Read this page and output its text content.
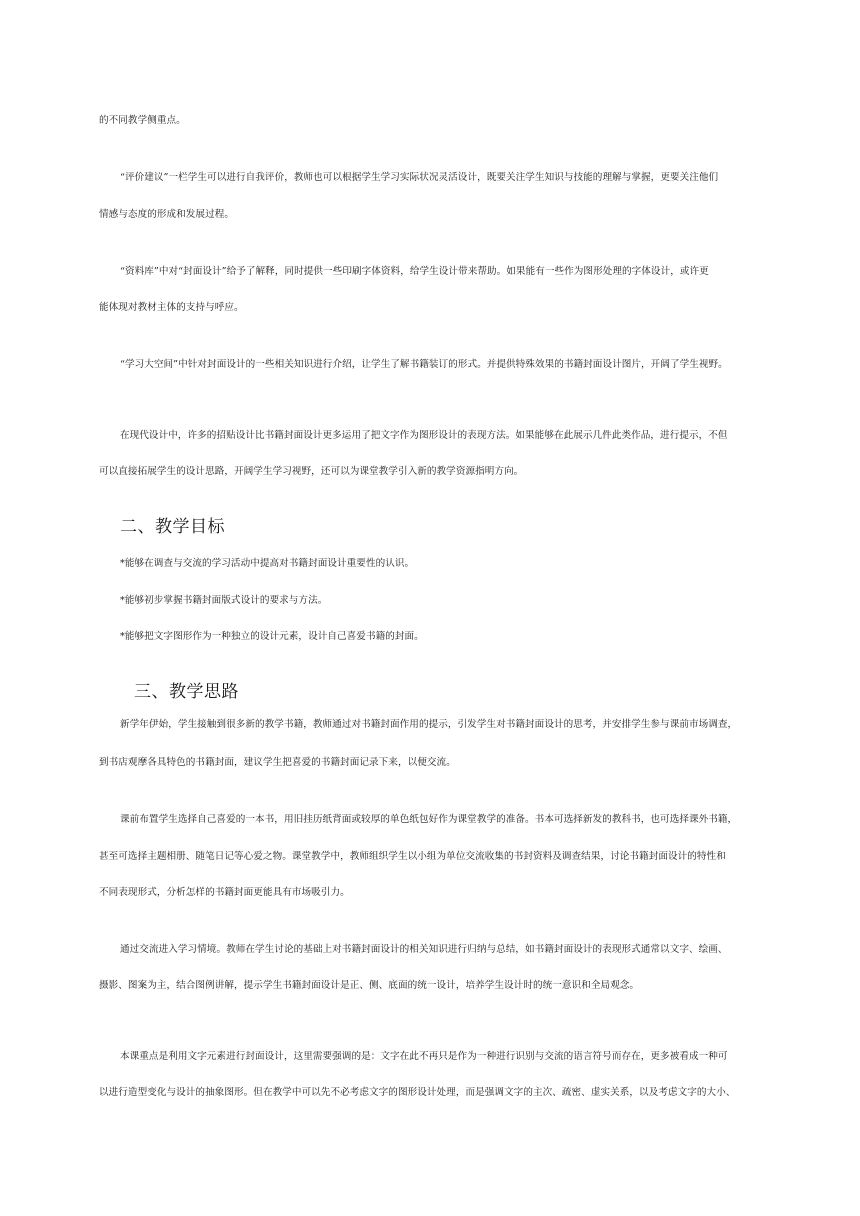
的不同教学侧重点。
“评价建议”一栏学生可以进行自我评价，教师也可以根据学生学习实际状况灵活设计，既要关注学生知识与技能的理解与掌握，更要关注他们
情感与态度的形成和发展过程。
“资料库”中对“封面设计”给予了解释，同时提供一些印刷字体资料，给学生设计带来帮助。如果能有一些作为图形处理的字体设计，或许更
能体现对教材主体的支持与呼应。
“学习大空间”中针对封面设计的一些相关知识进行介绍，让学生了解书籍装订的形式。并提供特殊效果的书籍封面设计图片，开阔了学生视野。
在现代设计中，许多的招贴设计比书籍封面设计更多运用了把文字作为图形设计的表现方法。如果能够在此展示几件此类作品，进行提示，不但
可以直接拓展学生的设计思路，开阔学生学习视野，还可以为课堂教学引入新的教学资源指明方向。
二、教学目标
*能够在调查与交流的学习活动中提高对书籍封面设计重要性的认识。
*能够初步掌握书籍封面版式设计的要求与方法。
*能够把文字图形作为一种独立的设计元素，设计自己喜爱书籍的封面。
三、教学思路
新学年伊始，学生接触到很多新的教学书籍，教师通过对书籍封面作用的提示，引发学生对书籍封面设计的思考，并安排学生参与课前市场调查，
到书店观摩各具特色的书籍封面，建议学生把喜爱的书籍封面记录下来，以便交流。
课前布置学生选择自己喜爱的一本书，用旧挂历纸背面或较厚的单色纸包好作为课堂教学的准备。书本可选择新发的教科书，也可选择课外书籍，
甚至可选择主题相册、随笔日记等心爱之物。课堂教学中，教师组织学生以小组为单位交流收集的书封资料及调查结果，讨论书籍封面设计的特性和
不同表现形式，分析怎样的书籍封面更能具有市场吸引力。
通过交流进入学习情境。教师在学生讨论的基础上对书籍封面设计的相关知识进行归纳与总结，如书籍封面设计的表现形式通常以文字、绘画、
摄影、图案为主，结合图例讲解，提示学生书籍封面设计是正、侧、底面的统一设计，培养学生设计时的统一意识和全局观念。
本课重点是利用文字元素进行封面设计，这里需要强调的是：文字在此不再只是作为一种进行识别与交流的语言符号而存在，更多被看成一种可
以进行造型变化与设计的抽象图形。但在教学中可以先不必考虑文字的图形设计处理，而是强调文字的主次、疏密、虚实关系，以及考虑文字的大小、
